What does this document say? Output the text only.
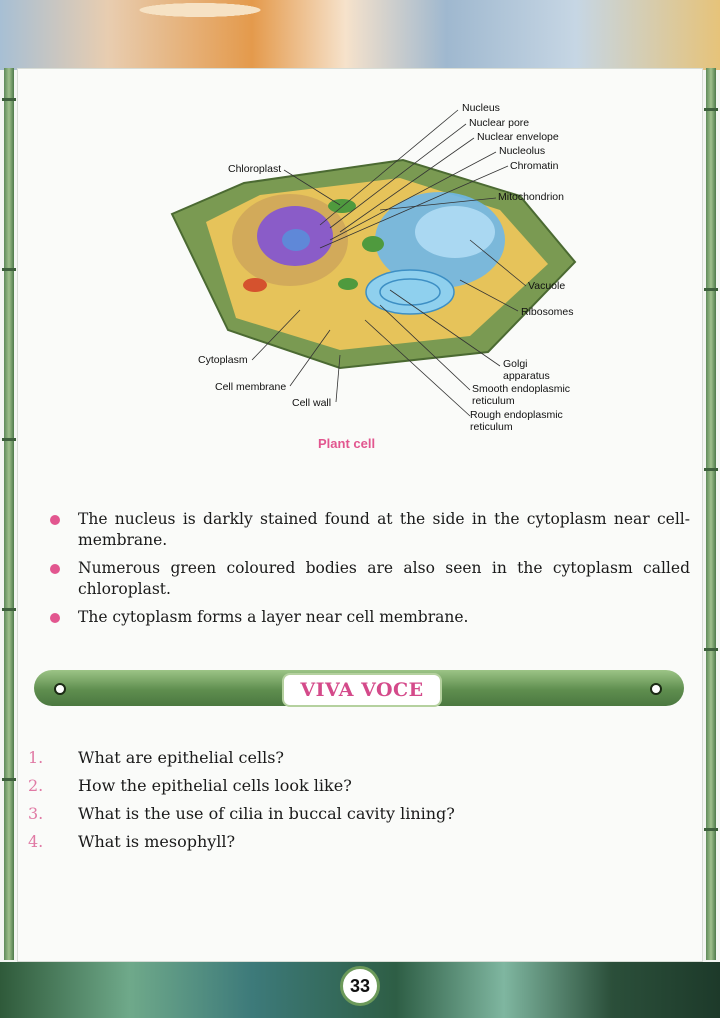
Nucleus
Nuclear pore
Nuclear envelope
Nucleolus
Chromatin
Chloroplast
Mitochondrion
Vacuole
Ribosomes
Golgi
apparatus
Smooth endoplasmic
reticulum
Rough endoplasmic
reticulum
Cytoplasm
Cell membrane
Cell wall
Plant cell
The nucleus is darkly stained found at the side in the cytoplasm near cell-membrane.
Numerous green coloured bodies are also seen in the cytoplasm called chloroplast.
The cytoplasm forms a layer near cell membrane.
VIVA VOCE
1.	What are epithelial cells?
2.	How the epithelial cells look like?
3.	What is the use of cilia in buccal cavity lining?
4.	What is mesophyll?
33
